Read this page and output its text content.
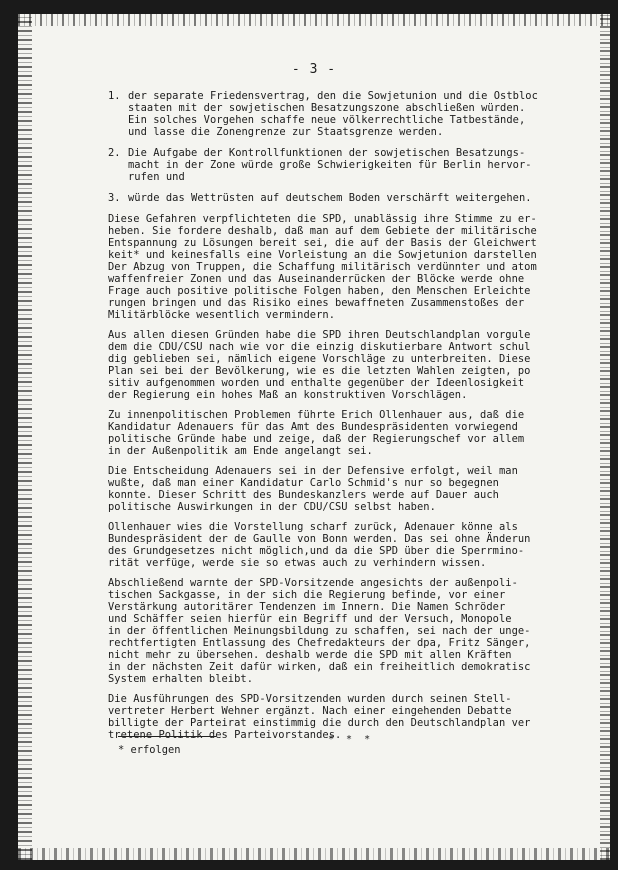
- 3 -
1. der separate Friedensvertrag, den die Sowjetunion und die Ostbloc
staaten mit der sowjetischen Besatzungszone abschließen würden.
Ein solches Vorgehen schaffe neue völkerrechtliche Tatbestände,
und lasse die Zonengrenze zur Staatsgrenze werden.
2. Die Aufgabe der Kontrollfunktionen der sowjetischen Besatzungs-
macht in der Zone würde große Schwierigkeiten für Berlin hervor-
rufen und
3. würde das Wettrüsten auf deutschem Boden verschärft weitergehen.

Diese Gefahren verpflichteten die SPD, unablässig ihre Stimme zu er-
heben. Sie fordere deshalb, daß man auf dem Gebiete der militärische
Entspannung zu Lösungen bereit sei, die auf der Basis der Gleichwert
keit* und keinesfalls eine Vorleistung an die Sowjetunion darstellen
Der Abzug von Truppen, die Schaffung militärisch verdünnter und atom
waffenfreier Zonen und das Auseinanderrücken der Blöcke werde ohne
Frage auch positive politische Folgen haben, den Menschen Erleichte
rungen bringen und das Risiko eines bewaffneten Zusammenstoßes der
Militärblöcke wesentlich vermindern.

Aus allen diesen Gründen habe die SPD ihren Deutschlandplan vorgule
dem die CDU/CSU nach wie vor die einzig diskutierbare Antwort schul
dig geblieben sei, nämlich eigene Vorschläge zu unterbreiten. Diese
Plan sei bei der Bevölkerung, wie es die letzten Wahlen zeigten, po
sitiv aufgenommen worden und enthalte gegenüber der Ideenlosigkeit
der Regierung ein hohes Maß an konstruktiven Vorschlägen.

Zu innenpolitischen Problemen führte Erich Ollenhauer aus, daß die
Kandidatur Adenauers für das Amt des Bundespräsidenten vorwiegend
politische Gründe habe und zeige, daß der Regierungschef vor allem
in der Außenpolitik am Ende angelangt sei.

Die Entscheidung Adenauers sei in der Defensive erfolgt, weil man
wußte, daß man einer Kandidatur Carlo Schmid's nur so begegnen
konnte. Dieser Schritt des Bundeskanzlers werde auf Dauer auch
politische Auswirkungen in der CDU/CSU selbst haben.

Ollenhauer wies die Vorstellung scharf zurück, Adenauer könne als
Bundespräsident der de Gaulle von Bonn werden. Das sei ohne Änderun
des Grundgesetzes nicht möglich,und da die SPD über die Sperrmino-
rität verfüge, werde sie so etwas auch zu verhindern wissen.

Abschließend warnte der SPD-Vorsitzende angesichts der außenpoli-
tischen Sackgasse, in der sich die Regierung befinde, vor einer
Verstärkung autoritärer Tendenzen im Innern. Die Namen Schröder
und Schäffer seien hierfür ein Begriff und der Versuch, Monopole
in der öffentlichen Meinungsbildung zu schaffen, sei nach der unge-
rechtfertigten Entlassung des Chefredakteurs der dpa, Fritz Sänger,
nicht mehr zu übersehen. deshalb werde die SPD mit allen Kräften
in der nächsten Zeit dafür wirken, daß ein freiheitlich demokratisc
System erhalten bleibt.

Die Ausführungen des SPD-Vorsitzenden wurden durch seinen Stell-
vertreter Herbert Wehner ergänzt. Nach einer eingehenden Debatte
billigte der Parteirat einstimmig die durch den Deutschlandplan ver
tretene Politik des Parteivorstandes.

* erfolgen
* * *
